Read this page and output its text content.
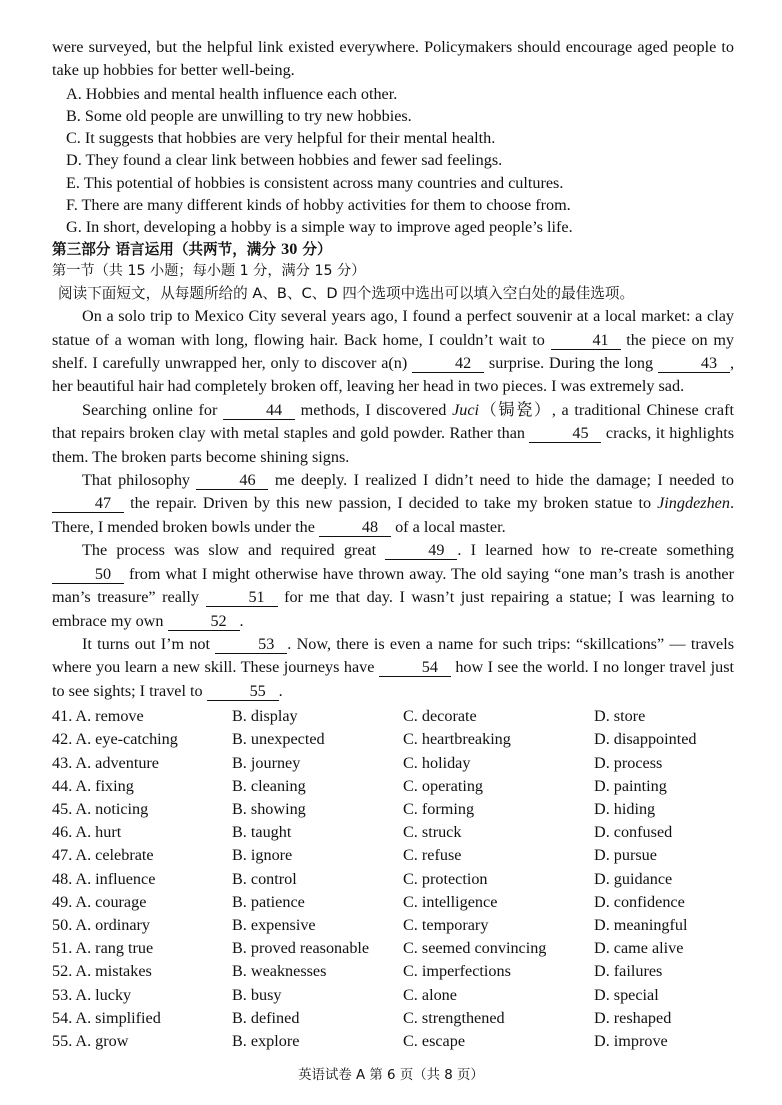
were surveyed, but the helpful link existed everywhere. Policymakers should encourage aged people to take up hobbies for better well-being.

A. Hobbies and mental health influence each other.
B. Some old people are unwilling to try new hobbies.
C. It suggests that hobbies are very helpful for their mental health.
D. They found a clear link between hobbies and fewer sad feelings.
E. This potential of hobbies is consistent across many countries and cultures.
F. There are many different kinds of hobby activities for them to choose from.
G. In short, developing a hobby is a simple way to improve aged people’s life.
第三部分 语言运用（共两节，满分 30 分）
第一节（共 15 小题；每小题 1 分，满分 15 分）
阅读下面短文，从每题所给的 A、B、C、D 四个选项中选出可以填入空白处的最佳选项。

On a solo trip to Mexico City several years ago, I found a perfect souvenir at a local market: a clay statue of a woman with long, flowing hair. Back home, I couldn’t wait to	41 the piece on my shelf. I carefully unwrapped her, only to discover a(n)	42 surprise. During the long	43 , her beautiful hair had completely broken off, leaving her head in two pieces. I was extremely sad.

Searching online for	44 methods, I discovered Juci（锔瓷）, a traditional Chinese craft that repairs broken clay with metal staples and gold powder. Rather than	45 cracks, it highlights them. The broken parts become shining signs.

That philosophy	46 me deeply. I realized I didn’t need to hide the damage; I needed to 47 the repair. Driven by this new passion, I decided to take my broken statue to Jingdezhen. There, I mended broken bowls under the	48 of a local master.

The process was slow and required great	49 . I learned how to re-create something 50 from what I might otherwise have thrown away. The old saying “one man’s trash is another man’s treasure” really	51 for me that day. I wasn’t just repairing a statue; I was learning to embrace my own	52 .

It turns out I’m not	53 . Now, there is even a name for such trips: “skillcations” — travels where you learn a new skill. These journeys have	54 how I see the world. I no longer travel just to see sights; I travel to	55 .

41. A. remove	B. display	C. decorate	D. store
42. A. eye-catching	B. unexpected	C. heartbreaking	D. disappointed
43. A. adventure	B. journey	C. holiday	D. process
44. A. fixing	B. cleaning	C. operating	D. painting
45. A. noticing	B. showing	C. forming	D. hiding
46. A. hurt	B. taught	C. struck	D. confused
47. A. celebrate	B. ignore	C. refuse	D. pursue
48. A. influence	B. control	C. protection	D. guidance
49. A. courage	B. patience	C. intelligence	D. confidence
50. A. ordinary	B. expensive	C. temporary	D. meaningful
51. A. rang true	B. proved reasonable	C. seemed convincing	D. came alive
52. A. mistakes	B. weaknesses	C. imperfections	D. failures
53. A. lucky	B. busy	C. alone	D. special
54. A. simplified	B. defined	C. strengthened	D. reshaped
55. A. grow	B. explore	C. escape	D. improve
英语试卷 A 第 6 页（共 8 页）
